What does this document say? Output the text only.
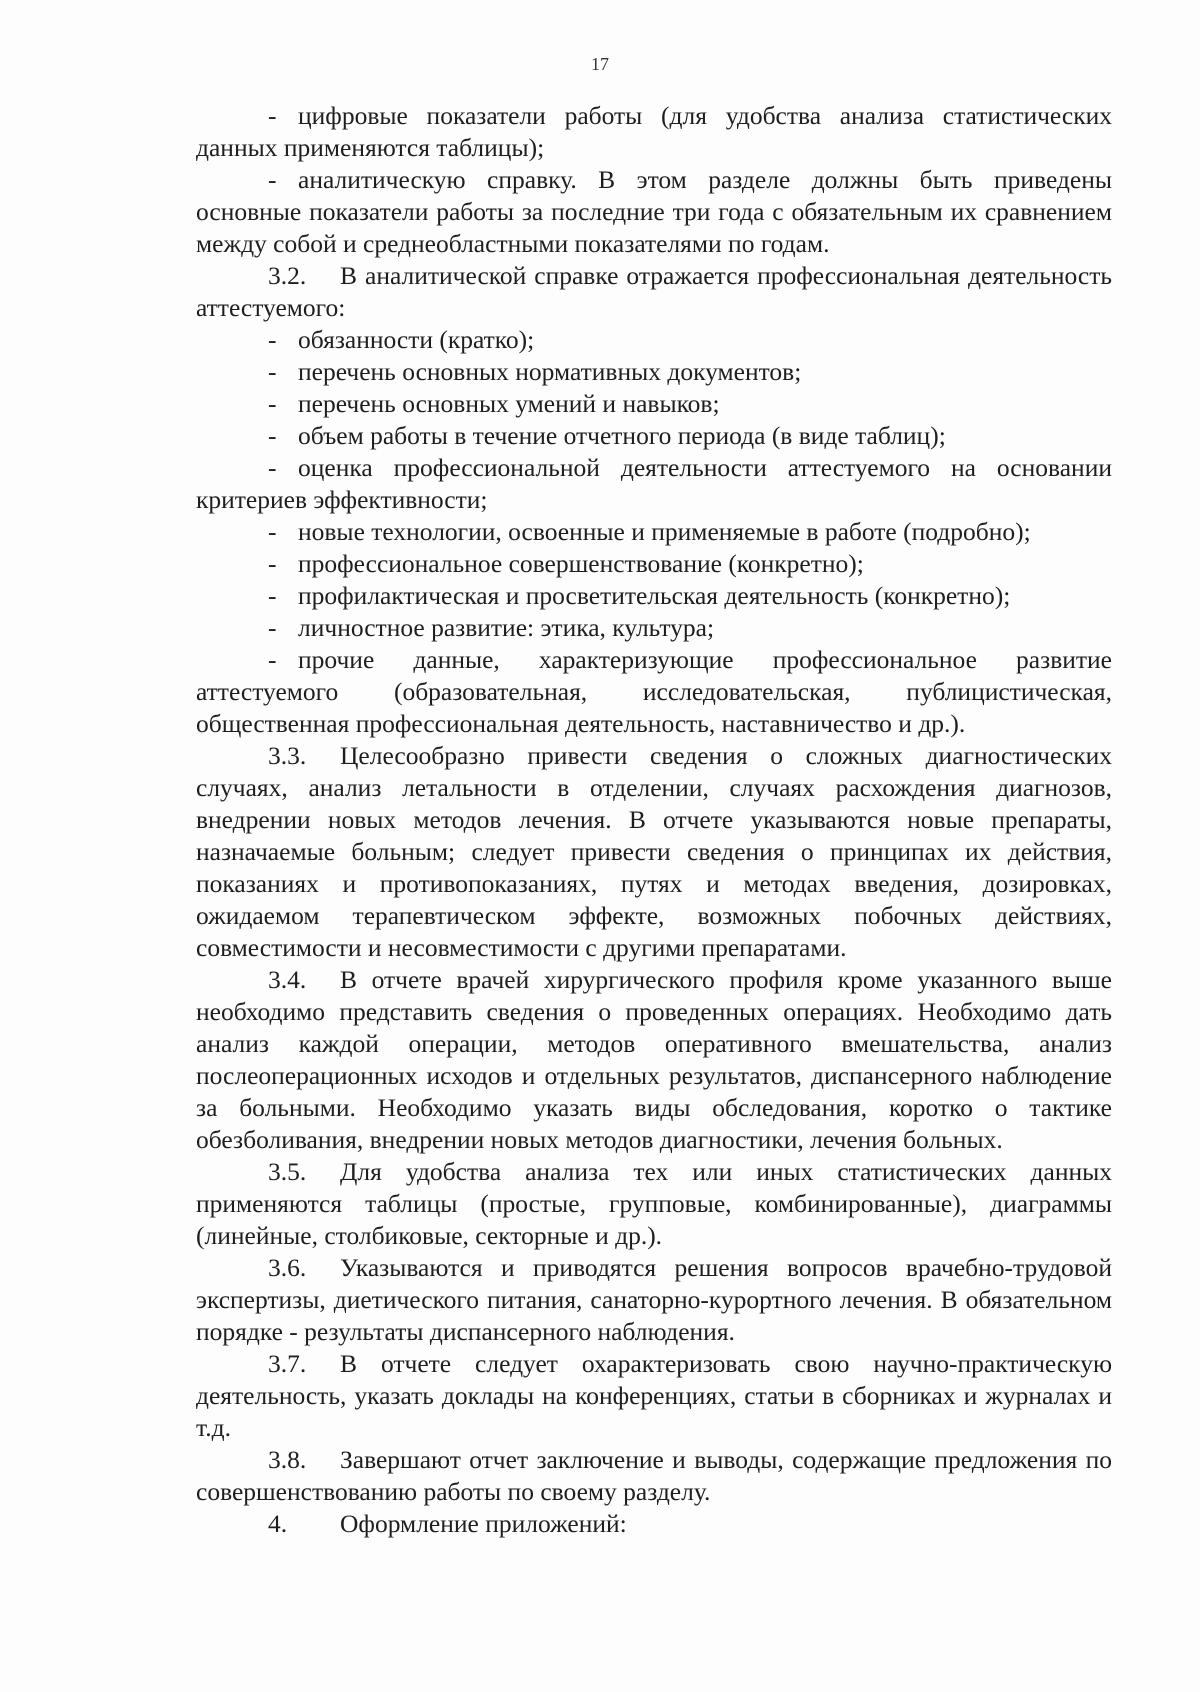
17

- цифровые показатели работы (для удобства анализа статистических данных применяются таблицы);

- аналитическую справку. В этом разделе должны быть приведены основные показатели работы за последние три года с обязательным их сравнением между собой и среднеобластными показателями по годам.

3.2. В аналитической справке отражается профессиональная деятельность аттестуемого:

- обязанности (кратко);

- перечень основных нормативных документов;

- перечень основных умений и навыков;

- объем работы в течение отчетного периода (в виде таблиц);

- оценка профессиональной деятельности аттестуемого на основании критериев эффективности;

- новые технологии, освоенные и применяемые в работе (подробно);

- профессиональное совершенствование (конкретно);

- профилактическая и просветительская деятельность (конкретно);

- личностное развитие: этика, культура;

- прочие данные, характеризующие профессиональное развитие аттестуемого (образовательная, исследовательская, публицистическая, общественная профессиональная деятельность, наставничество и др.).

3.3. Целесообразно привести сведения о сложных диагностических случаях, анализ летальности в отделении, случаях расхождения диагнозов, внедрении новых методов лечения. В отчете указываются новые препараты, назначаемые больным; следует привести сведения о принципах их действия, показаниях и противопоказаниях, путях и методах введения, дозировках, ожидаемом терапевтическом эффекте, возможных побочных действиях, совместимости и несовместимости с другими препаратами.

3.4. В отчете врачей хирургического профиля кроме указанного выше необходимо представить сведения о проведенных операциях. Необходимо дать анализ каждой операции, методов оперативного вмешательства, анализ послеоперационных исходов и отдельных результатов, диспансерного наблюдение за больными. Необходимо указать виды обследования, коротко о тактике обезболивания, внедрении новых методов диагностики, лечения больных.

3.5. Для удобства анализа тех или иных статистических данных применяются таблицы (простые, групповые, комбинированные), диаграммы (линейные, столбиковые, секторные и др.).

3.6. Указываются и приводятся решения вопросов врачебно-трудовой экспертизы, диетического питания, санаторно-курортного лечения. В обязательном порядке - результаты диспансерного наблюдения.

3.7. В отчете следует охарактеризовать свою научно-практическую деятельность, указать доклады на конференциях, статьи в сборниках и журналах и т.д.

3.8. Завершают отчет заключение и выводы, содержащие предложения по совершенствованию работы по своему разделу.

4. Оформление приложений:
